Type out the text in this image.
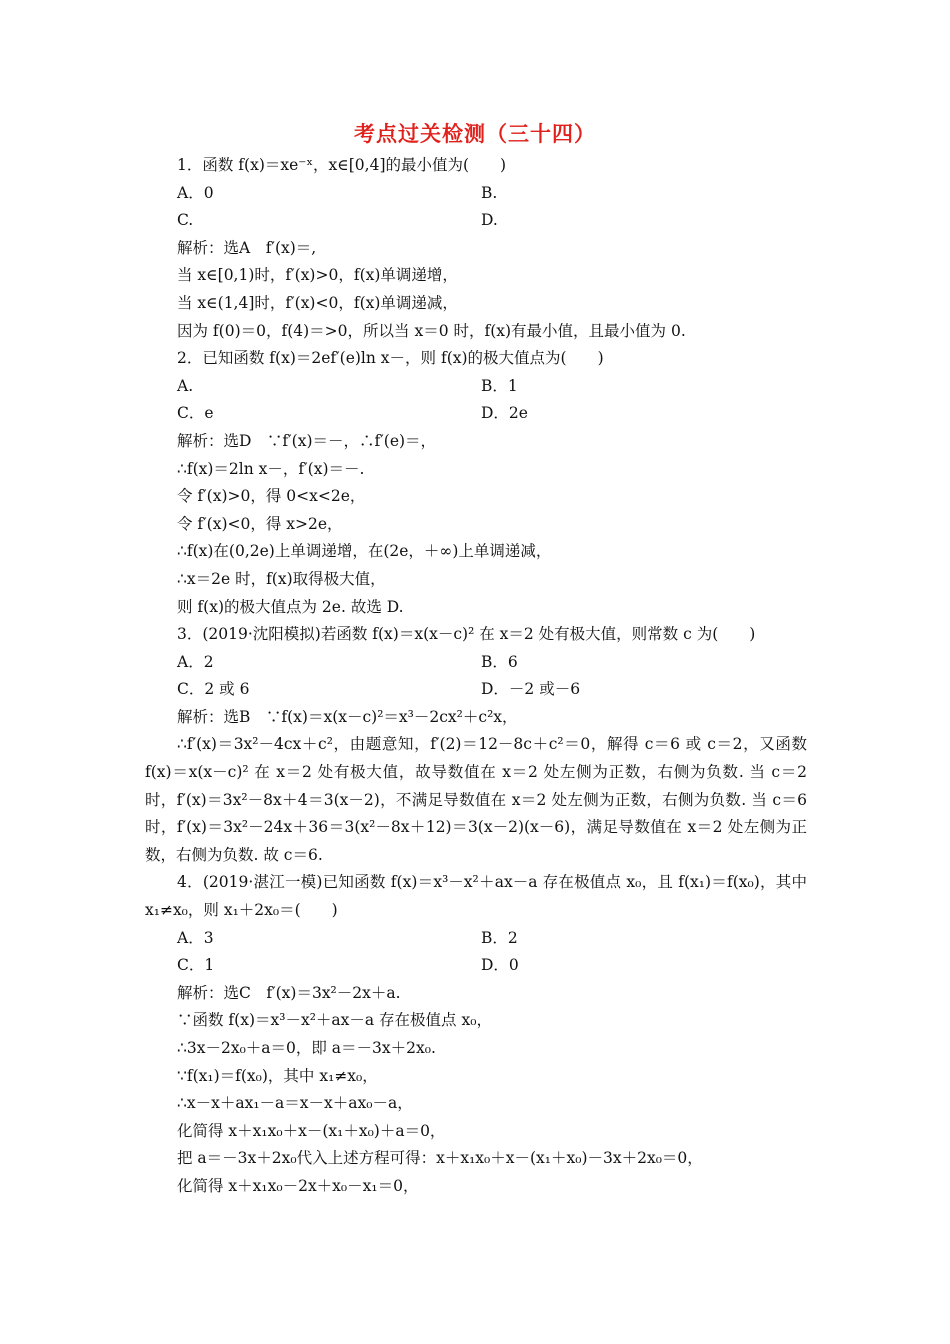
考点过关检测（三十四）
1．函数 f(x)＝xe⁻ˣ，x∈[0,4]的最小值为(　　)
A．0	B.
C.	D.
解析：选A　f′(x)＝,
当 x∈[0,1)时，f′(x)>0，f(x)单调递增，
当 x∈(1,4]时，f′(x)<0，f(x)单调递减，
因为 f(0)＝0，f(4)＝>0，所以当 x＝0 时，f(x)有最小值，且最小值为 0.
2．已知函数 f(x)＝2ef′(e)ln x－，则 f(x)的极大值点为(　　)
A.	B．1
C．e	D．2e
解析：选D　∵f′(x)＝－，∴f′(e)＝，
∴f(x)＝2ln x－，f′(x)＝－.
令 f′(x)>0，得 0<x<2e，
令 f′(x)<0，得 x>2e，
∴f(x)在(0,2e)上单调递增，在(2e，＋∞)上单调递减，
∴x＝2e 时，f(x)取得极大值，
则 f(x)的极大值点为 2e. 故选 D.
3．(2019·沈阳模拟)若函数 f(x)＝x(x－c)² 在 x＝2 处有极大值，则常数 c 为(　　)
A．2	B．6
C．2 或 6	D．－2 或－6
解析：选B　∵f(x)＝x(x－c)²＝x³－2cx²＋c²x，
∴f′(x)＝3x²－4cx＋c²，由题意知，f′(2)＝12－8c＋c²＝0，解得 c＝6 或 c＝2，又函数 f(x)＝x(x－c)² 在 x＝2 处有极大值，故导数值在 x＝2 处左侧为正数，右侧为负数. 当 c＝2 时，f′(x)＝3x²－8x＋4＝3(x－2)，不满足导数值在 x＝2 处左侧为正数，右侧为负数. 当 c＝6 时，f′(x)＝3x²－24x＋36＝3(x²－8x＋12)＝3(x－2)(x－6)，满足导数值在 x＝2 处左侧为正数，右侧为负数. 故 c＝6.
4．(2019·湛江一模)已知函数 f(x)＝x³－x²＋ax－a 存在极值点 x₀，且 f(x₁)＝f(x₀)，其中 x₁≠x₀，则 x₁＋2x₀＝(　　)
A．3	B．2
C．1	D．0
解析：选C　f′(x)＝3x²－2x＋a.
∵函数 f(x)＝x³－x²＋ax－a 存在极值点 x₀，
∴3x－2x₀＋a＝0，即 a＝－3x＋2x₀.
∵f(x₁)＝f(x₀)，其中 x₁≠x₀，
∴x－x＋ax₁－a＝x－x＋ax₀－a，
化简得 x＋x₁x₀＋x－(x₁＋x₀)＋a＝0，
把 a＝－3x＋2x₀代入上述方程可得：x＋x₁x₀＋x－(x₁＋x₀)－3x＋2x₀＝0，
化简得 x＋x₁x₀－2x＋x₀－x₁＝0，
